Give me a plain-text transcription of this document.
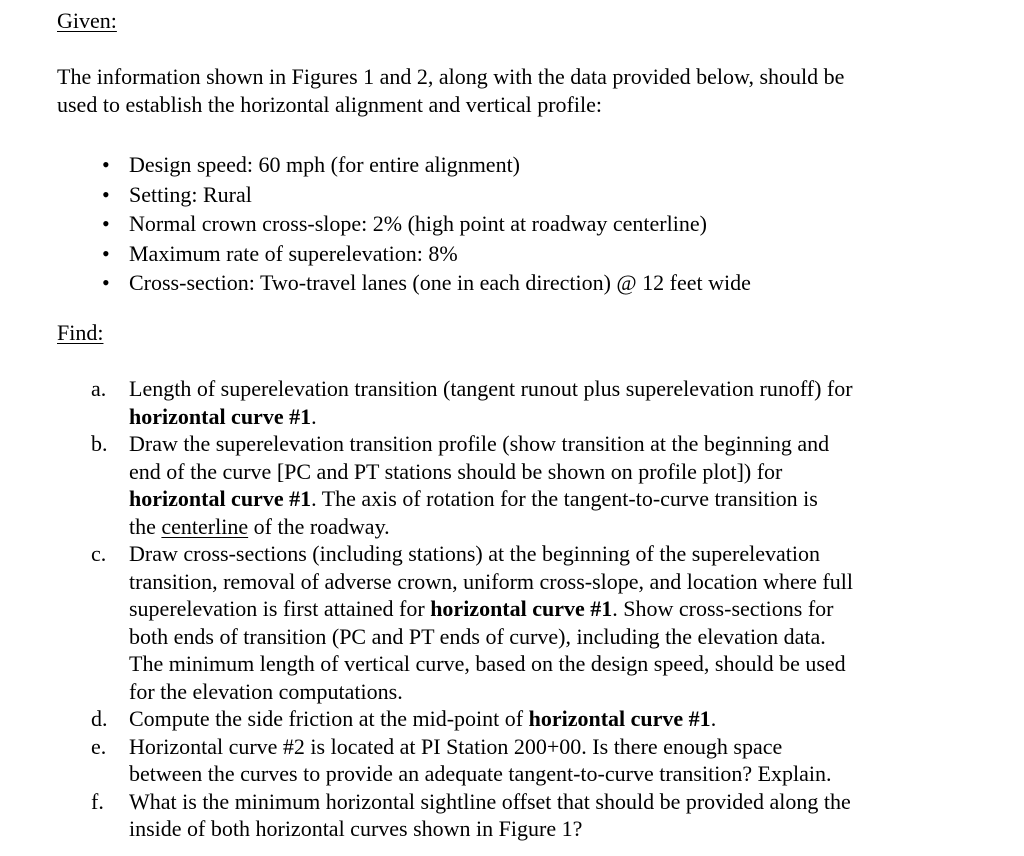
Given:

The information shown in Figures 1 and 2, along with the data provided below, should be
used to establish the horizontal alignment and vertical profile:

• Design speed: 60 mph (for entire alignment)
• Setting: Rural
• Normal crown cross-slope: 2% (high point at roadway centerline)
• Maximum rate of superelevation: 8%
• Cross-section: Two-travel lanes (one in each direction) @ 12 feet wide
Find:
a. Length of superelevation transition (tangent runout plus superelevation runoff) for
horizontal curve #1.
b. Draw the superelevation transition profile (show transition at the beginning and
end of the curve [PC and PT stations should be shown on profile plot]) for
horizontal curve #1. The axis of rotation for the tangent-to-curve transition is
the centerline of the roadway.
c. Draw cross-sections (including stations) at the beginning of the superelevation
transition, removal of adverse crown, uniform cross-slope, and location where full
superelevation is first attained for horizontal curve #1. Show cross-sections for
both ends of transition (PC and PT ends of curve), including the elevation data.
The minimum length of vertical curve, based on the design speed, should be used
for the elevation computations.
d. Compute the side friction at the mid-point of horizontal curve #1.
e. Horizontal curve #2 is located at PI Station 200+00. Is there enough space
between the curves to provide an adequate tangent-to-curve transition? Explain.
f. What is the minimum horizontal sightline offset that should be provided along the
inside of both horizontal curves shown in Figure 1?
